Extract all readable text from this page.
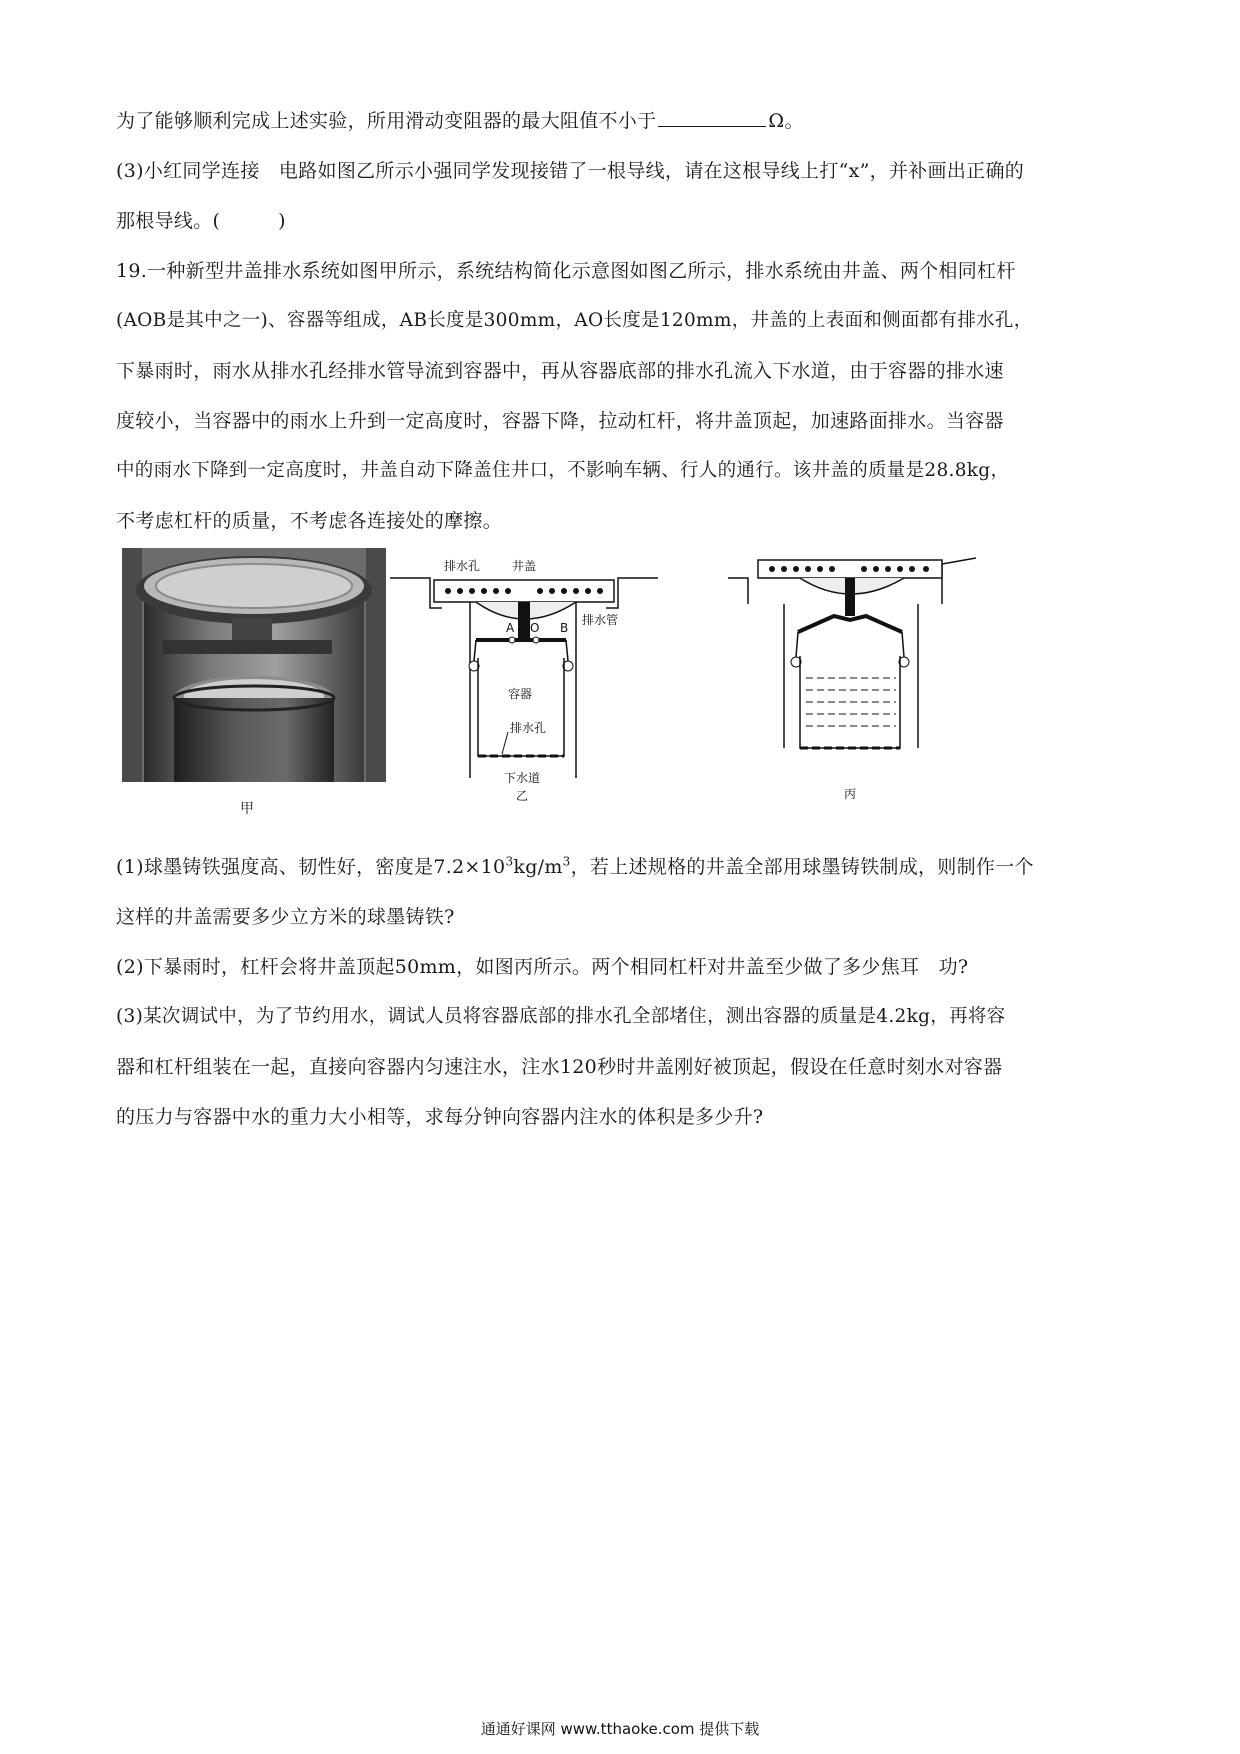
为了能够顺利完成上述实验，所用滑动变阻器的最大阻值不小于	Ω。
(3)小红同学连接　电路如图乙所示小强同学发现接错了一根导线，请在这根导线上打“x”，并补画出正确的
那根导线。(　　　)
19.一种新型井盖排水系统如图甲所示，系统结构简化示意图如图乙所示，排水系统由井盖、两个相同杠杆
(AOB是其中之一)、容器等组成，AB长度是300mm，AO长度是120mm，井盖的上表面和侧面都有排水孔，
下暴雨时，雨水从排水孔经排水管导流到容器中，再从容器底部的排水孔流入下水道，由于容器的排水速
度较小，当容器中的雨水上升到一定高度时，容器下降，拉动杠杆，将井盖顶起，加速路面排水。当容器
中的雨水下降到一定高度时，井盖自动下降盖住井口，不影响车辆、行人的通行。该井盖的质量是28.8kg，
不考虑杠杆的质量，不考虑各连接处的摩擦。
甲
排水孔	井盖
排水管
A O B
容器
排水孔
下水道
乙	丙
(1)球墨铸铁强度高、韧性好，密度是$7.2\times 10^3kg/m^3$，若上述规格的井盖全部用球墨铸铁制成，则制作一个
这样的井盖需要多少立方米的球墨铸铁?
(2)下暴雨时，杠杆会将井盖顶起50mm，如图丙所示。两个相同杠杆对井盖至少做了多少焦耳　功?
(3)某次调试中，为了节约用水，调试人员将容器底部的排水孔全部堵住，测出容器的质量是4.2kg，再将容
器和杠杆组装在一起，直接向容器内匀速注水，注水120秒时井盖刚好被顶起，假设在任意时刻水对容器
的压力与容器中水的重力大小相等，求每分钟向容器内注水的体积是多少升?
通通好课网 www.tthaoke.com 提供下载
